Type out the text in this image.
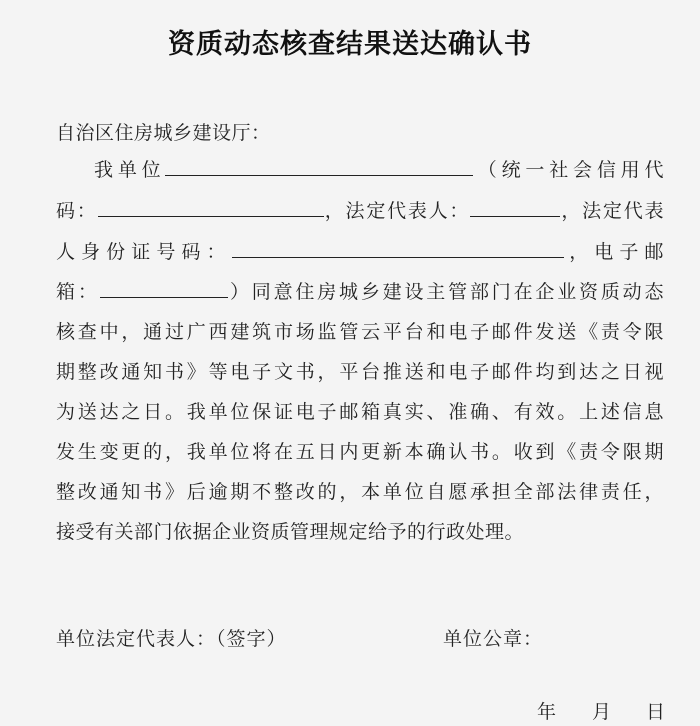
资质动态核查结果送达确认书
自治区住房城乡建设厅：
我单位	（统一社会信用代
码：	，法定代表人：	，法定代表
人身份证号码：	，电子邮
箱：	）同意住房城乡建设主管部门在企业资质动态
核查中，通过广西建筑市场监管云平台和电子邮件发送《责令限
期整改通知书》等电子文书，平台推送和电子邮件均到达之日视
为送达之日。我单位保证电子邮箱真实、准确、有效。上述信息
发生变更的，我单位将在五日内更新本确认书。收到《责令限期
整改通知书》后逾期不整改的，本单位自愿承担全部法律责任，
接受有关部门依据企业资质管理规定给予的行政处理。
单位法定代表人：（签字）	单位公章：
年 月 日
